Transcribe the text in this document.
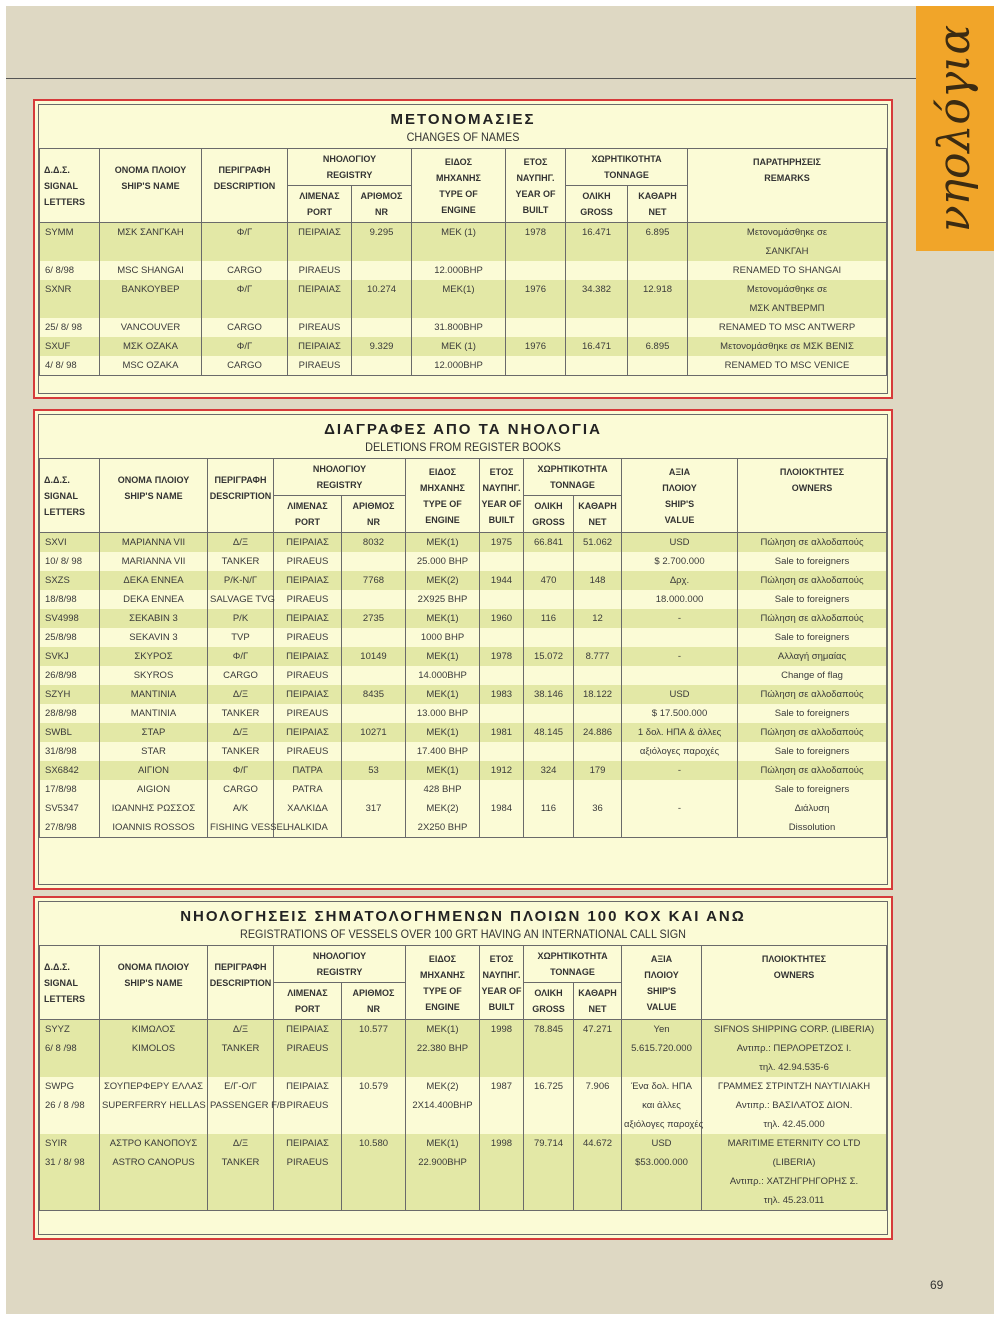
νηολόγια
ΜΕΤΟΝΟΜΑΣΙΕΣ
CHANGES OF NAMES
Δ.Δ.Σ.
SIGNAL
LETTERS	ΟΝΟΜΑ ΠΛΟΙΟΥ
SHIP'S NAME	ΠΕΡΙΓΡΑΦΗ
DESCRIPTION	ΝΗΟΛΟΓΙΟΥ
REGISTRY		ΕΙΔΟΣ
ΜΗΧΑΝΗΣ
TYPE OF
ENGINE	ΕΤΟΣ
ΝΑΥΠΗΓ.
YEAR OF
BUILT	ΧΩΡΗΤΙΚΟΤΗΤΑ
TONNAGE		ΠΑΡΑΤΗΡΗΣΕΙΣ
REMARKS

			ΛΙΜΕΝΑΣ
PORT	ΑΡΙΘΜΟΣ
NR			ΟΛΙΚΗ
GROSS	ΚΑΘΑΡΗ
NET	
SYMM	ΜΣΚ ΣΑΝΓΚΑΗ	Φ/Γ	ΠΕΙΡΑΙΑΣ	9.295	ΜΕΚ (1)	1978	16.471	6.895	Μετονομάσθηκε σε
									ΣΑΝΚΓΑΗ
6/ 8/98	MSC SHANGAI	CARGO	PIRAEUS		12.000BHP				RENAMED TO SHANGAI
SXNR	ΒΑΝΚΟΥΒΕΡ	Φ/Γ	ΠΕΙΡΑΙΑΣ	10.274	ΜΕΚ(1)	1976	34.382	12.918	Μετονομάσθηκε σε
									ΜΣΚ ΑΝΤΒΕΡΜΠ
25/ 8/ 98	VANCOUVER	CARGO	PIREAUS		31.800BHP				RENAMED TO MSC ANTWERP
SXUF	ΜΣΚ ΟΖΑΚΑ	Φ/Γ	ΠΕΙΡΑΙΑΣ	9.329	ΜΕΚ (1)	1976	16.471	6.895	Μετονομάσθηκε σε ΜΣΚ ΒΕΝΙΣ
4/ 8/ 98	MSC OZAKA	CARGO	PIRAEUS		12.000BHP				RENAMED TO MSC VENICE
ΔΙΑΓΡΑΦΕΣ ΑΠΟ ΤΑ ΝΗΟΛΟΓΙΑ
DELETIONS FROM REGISTER BOOKS
Δ.Δ.Σ.
SIGNAL
LETTERS	ΟΝΟΜΑ ΠΛΟΙΟΥ
SHIP'S NAME	ΠΕΡΙΓΡΑΦΗ
DESCRIPTION	ΝΗΟΛΟΓΙΟΥ
REGISTRY		ΕΙΔΟΣ
ΜΗΧΑΝΗΣ
TYPE OF
ENGINE	ΕΤΟΣ
ΝΑΥΠΗΓ.
YEAR OF
BUILT	ΧΩΡΗΤΙΚΟΤΗΤΑ
TONNAGE		ΑΞΙΑ
ΠΛΟΙΟΥ
SHIP'S
VALUE	ΠΛΟΙΟΚΤΗΤΕΣ
OWNERS

			ΛΙΜΕΝΑΣ
PORT	ΑΡΙΘΜΟΣ
NR			ΟΛΙΚΗ
GROSS	ΚΑΘΑΡΗ
NET		
SXVI	ΜΑΡΙΑΝΝΑ VII	Δ/Ξ	ΠΕΙΡΑΙΑΣ	8032	ΜΕΚ(1)	1975	66.841	51.062	USD	Πώληση σε αλλοδαπούς
10/ 8/ 98	MARIANNA VII	TANKER	PIRAEUS		25.000 BHP				$ 2.700.000	Sale to foreigners
SXZS	ΔΕΚΑ ΕΝΝΕΑ	Ρ/Κ-Ν/Γ	ΠΕΙΡΑΙΑΣ	7768	ΜΕΚ(2)	1944	470	148	Δρχ.	Πώληση σε αλλοδαπούς
18/8/98	DEKA ENNEA	SALVAGE TVG	PIRAEUS		2X925 BHP				18.000.000	Sale to foreigners
SV4998	ΣΕΚΑΒΙΝ 3	Ρ/Κ	ΠΕΙΡΑΙΑΣ	2735	ΜΕΚ(1)	1960	116	12	-	Πώληση σε αλλοδαπούς
25/8/98	SEKAVIN 3	TVP	PIRAEUS		1000 BHP					Sale to foreigners
SVKJ	ΣΚΥΡΟΣ	Φ/Γ	ΠΕΙΡΑΙΑΣ	10149	ΜΕΚ(1)	1978	15.072	8.777	-	Αλλαγή σημαίας
26/8/98	SKYROS	CARGO	PIRAEUS		14.000BHP					Change of flag
SZYH	ΜΑΝΤΙΝΙΑ	Δ/Ξ	ΠΕΙΡΑΙΑΣ	8435	ΜΕΚ(1)	1983	38.146	18.122	USD	Πώληση σε αλλοδαπούς
28/8/98	MANTINIA	TANKER	PIREAUS		13.000 BHP				$ 17.500.000	Sale to foreigners
SWBL	ΣΤΑΡ	Δ/Ξ	ΠΕΙΡΑΙΑΣ	10271	ΜΕΚ(1)	1981	48.145	24.886	1 δολ. ΗΠΑ & άλλες	Πώληση σε αλλοδαπούς
31/8/98	STAR	TANKER	PIRAEUS		17.400 BHP				αξιόλογες παροχές	Sale to foreigners
SX6842	ΑΙΓΙΟΝ	Φ/Γ	ΠΑΤΡΑ	53	ΜΕΚ(1)	1912	324	179	-	Πώληση σε αλλοδαπούς
17/8/98	AIGION	CARGO	PATRA		428 BHP					Sale to foreigners
SV5347	ΙΩΑΝΝΗΣ ΡΩΣΣΟΣ	Α/Κ	ΧΑΛΚΙΔΑ	317	ΜΕΚ(2)	1984	116	36	-	Διάλυση
27/8/98	IOANNIS ROSSOS	FISHING VESSEL	HALKIDA		2X250 BHP					Dissolution
ΝΗΟΛΟΓΗΣΕΙΣ ΣΗΜΑΤΟΛΟΓΗΜΕΝΩΝ ΠΛΟΙΩΝ 100 ΚΟΧ ΚΑΙ ΑΝΩ
REGISTRATIONS OF VESSELS OVER 100 GRT HAVING AN INTERNATIONAL CALL SIGN
Δ.Δ.Σ.
SIGNAL
LETTERS	ΟΝΟΜΑ ΠΛΟΙΟΥ
SHIP'S NAME	ΠΕΡΙΓΡΑΦΗ
DESCRIPTION	ΝΗΟΛΟΓΙΟΥ
REGISTRY		ΕΙΔΟΣ
ΜΗΧΑΝΗΣ
TYPE OF
ENGINE	ΕΤΟΣ
ΝΑΥΠΗΓ.
YEAR OF
BUILT	ΧΩΡΗΤΙΚΟΤΗΤΑ
TONNAGE		ΑΞΙΑ
ΠΛΟΙΟΥ
SHIP'S
VALUE	ΠΛΟΙΟΚΤΗΤΕΣ
OWNERS

			ΛΙΜΕΝΑΣ
PORT	ΑΡΙΘΜΟΣ
NR			ΟΛΙΚΗ
GROSS	ΚΑΘΑΡΗ
NET		
SYYZ	ΚΙΜΩΛΟΣ	Δ/Ξ	ΠΕΙΡΑΙΑΣ	10.577	ΜΕΚ(1)	1998	78.845	47.271	Yen	SIFNOS SHIPPING CORP. (LIBERIA)
6/ 8 /98	KIMOLOS	TANKER	PIRAEUS		22.380 BHP				5.615.720.000	Αντιπρ.: ΠΕΡΛΟΡΕΤΖΟΣ Ι.
										τηλ. 42.94.535-6
SWPG	ΣΟΥΠΕΡΦΕΡΥ ΕΛΛΑΣ	Ε/Γ-Ο/Γ	ΠΕΙΡΑΙΑΣ	10.579	ΜΕΚ(2)	1987	16.725	7.906	Ένα δολ. ΗΠΑ	ΓΡΑΜΜΕΣ ΣΤΡΙΝΤΖΗ ΝΑΥΤΙΛΙΑΚΗ
26 / 8 /98	SUPERFERRY HELLAS	PASSENGER F/B	PIRAEUS		2X14.400BHP				και άλλες	Αντιπρ.: ΒΑΣΙΛΑΤΟΣ ΔΙΟΝ.
									αξιόλογες παροχές	τηλ. 42.45.000
SYIR	ΑΣΤΡΟ ΚΑΝΟΠΟΥΣ	Δ/Ξ	ΠΕΙΡΑΙΑΣ	10.580	ΜΕΚ(1)	1998	79.714	44.672	USD	MARITIME ETERNITY CO LTD
31 / 8/ 98	ASTRO CANOPUS	TANKER	PIRAEUS		22.900BHP				$53.000.000	(LIBERIA)
										Αντιπρ.: ΧΑΤΖΗΓΡΗΓΟΡΗΣ Σ.
										τηλ. 45.23.011
69
